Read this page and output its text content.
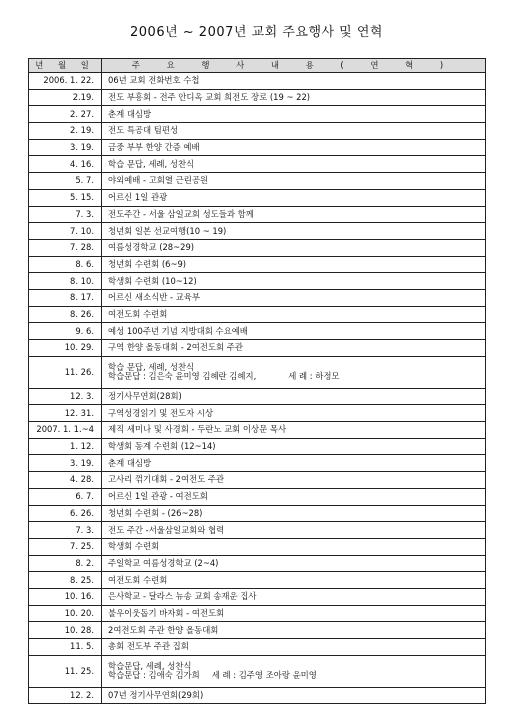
2006년 ~ 2007년 교회 주요행사 및 연혁
년 월 일	주 요 행 사 내 용 ( 연 혁 )
2006. 1. 22.	06년 교회 전화번호 수첩

2.19.	전도 부흥회 - 전주 안디옥 교회 희전도 장로 (19 ~ 22)

2. 27.	춘계 대심방

2. 19.	전도 특공대 팀편성

3. 19.	금중 부부 한양 간증 예배

4. 16.	학습 문답, 세례, 성찬식

5. 7.	야외예배 - 고회열 근린공원

5. 15.	어르신 1일 관광

7. 3.	전도주간 - 서울 삼일교회 성도들과 함께

7. 10.	청년회 일본 선교여행(10 ~ 19)

7. 28.	여름성경학교 (28~29)

8. 6.	청년회 수련회 (6~9)

8. 10.	학생회 수련회 (10~12)

8. 17.	어르신 새소식반 - 교육부

8. 26.	여전도회 수련회

9. 6.	예성 100주년 기념 지방대회 수요예배

10. 29.	구역 한양 올동대회 - 2여전도회 주관

11. 26.	학습 문답, 세례, 성찬식
학습문답 : 김은숙 윤미영 김혜란 김혜지, 세 례 : 하정모

12. 3.	정기사무연회(28회)

12. 31.	구역성경읽기 및 전도자 시상

2007. 1. 1.~4	제직 세미나 및 사경회 - 두란노 교회 이상문 목사

1. 12.	학생회 동계 수련회 (12~14)

3. 19.	춘계 대심방

4. 28.	고사리 꺾기대회 - 2여전도 주관

6. 7.	어르신 1일 관광 - 여전도회

6. 26.	청년회 수련회 - (26~28)

7. 3.	전도 주간 -서울삼일교회와 협력

7. 25.	학생회 수련회

8. 2.	주일학교 여름성경학교 (2~4)

8. 25.	여전도회 수련회

10. 16.	은사학교 - 달라스 뉴송 교회 송재운 집사

10. 20.	불우이웃돕기 바자회 - 여전도회

10. 28.	2여전도회 주관 한양 올동대회

11. 5.	총회 전도부 주관 집회

11. 25.	학습문답, 세례, 성찬식
학습문답 : 김애숙 김가희 세 례 : 김주영 조아랑 윤미영

12. 2.	07년 정기사무연회(29회)
